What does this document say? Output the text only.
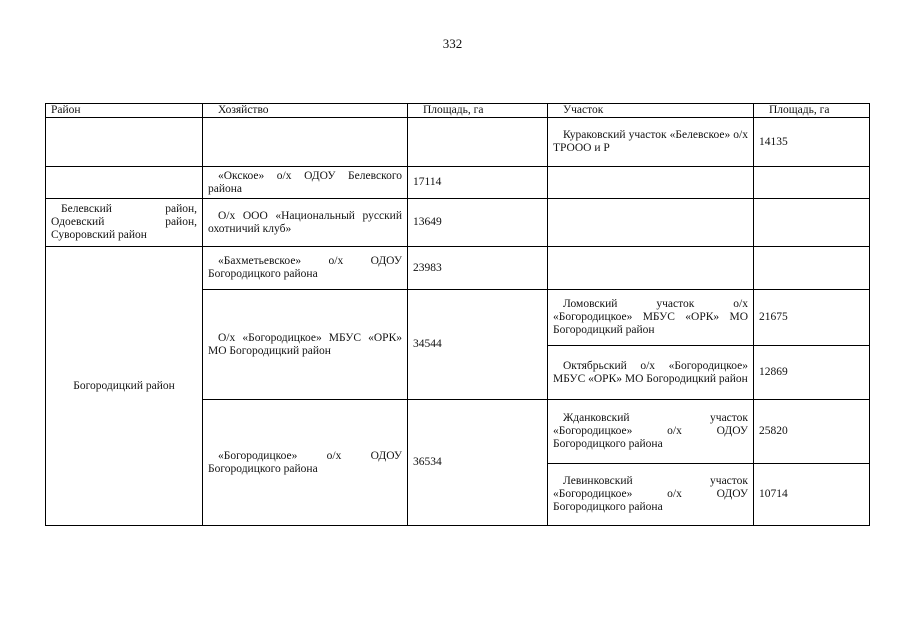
332
Район	Хозяйство	Площадь, га	Участок	Площадь, га
			Кураковский участок «Белевское» о/х ТРООО и Р	14135
	«Окское» о/х ОДОУ Белевского района	17114		
Белевский район, Одоевский район, Суворовский район	О/х ООО «Национальный русский охотничий клуб»	13649		
Богородицкий район	«Бахметьевское» о/х ОДОУ Богородицкого района	23983		
	О/х «Богородицкое» МБУС «ОРК» МО Богородицкий район	34544	Ломовский участок о/х «Богородицкое» МБУС «ОРК» МО Богородицкий район	21675
			Октябрьский о/х «Богородицкое» МБУС «ОРК» МО Богородицкий район	12869
	«Богородицкое» о/х ОДОУ Богородицкого района	36534	Жданковский участок «Богородицкое» о/х ОДОУ Богородицкого района	25820
			Левинковский участок «Богородицкое» о/х ОДОУ Богородицкого района	10714
